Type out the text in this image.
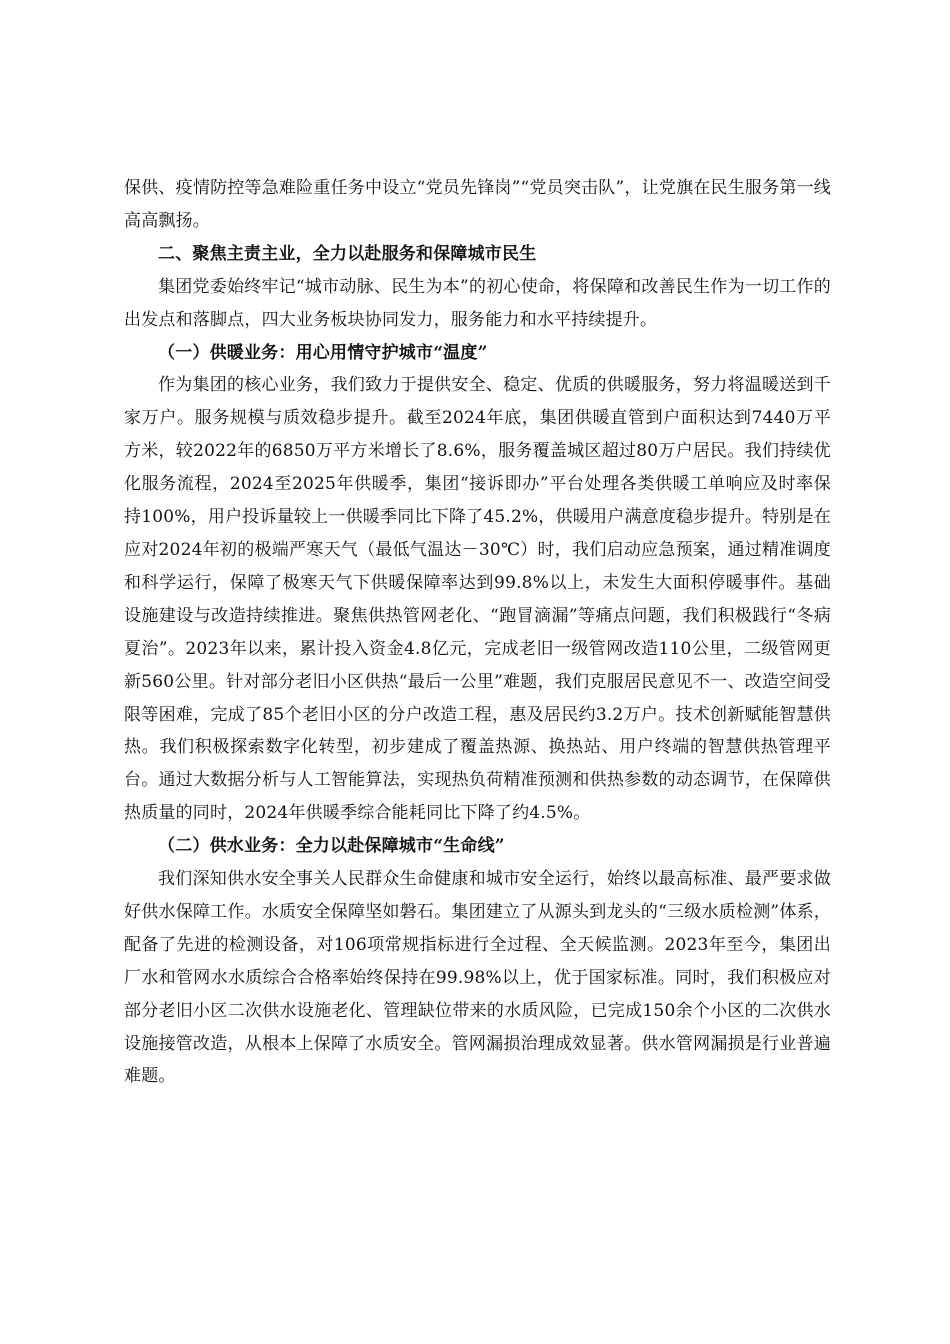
保供、疫情防控等急难险重任务中设立“党员先锋岗”“党员突击队”，让党旗在民生服务第一线高高飘扬。

二、聚焦主责主业，全力以赴服务和保障城市民生

集团党委始终牢记“城市动脉、民生为本”的初心使命，将保障和改善民生作为一切工作的出发点和落脚点，四大业务板块协同发力，服务能力和水平持续提升。

（一）供暖业务：用心用情守护城市“温度”

作为集团的核心业务，我们致力于提供安全、稳定、优质的供暖服务，努力将温暖送到千家万户。服务规模与质效稳步提升。截至2024年底，集团供暖直管到户面积达到7440万平方米，较2022年的6850万平方米增长了8.6%，服务覆盖城区超过80万户居民。我们持续优化服务流程，2024至2025年供暖季，集团“接诉即办”平台处理各类供暖工单响应及时率保持100%，用户投诉量较上一供暖季同比下降了45.2%，供暖用户满意度稳步提升。特别是在应对2024年初的极端严寒天气（最低气温达－30℃）时，我们启动应急预案，通过精准调度和科学运行，保障了极寒天气下供暖保障率达到99.8%以上，未发生大面积停暖事件。基础设施建设与改造持续推进。聚焦供热管网老化、“跑冒滴漏”等痛点问题，我们积极践行“冬病夏治”。2023年以来，累计投入资金4.8亿元，完成老旧一级管网改造110公里，二级管网更新560公里。针对部分老旧小区供热“最后一公里”难题，我们克服居民意见不一、改造空间受限等困难，完成了85个老旧小区的分户改造工程，惠及居民约3.2万户。技术创新赋能智慧供热。我们积极探索数字化转型，初步建成了覆盖热源、换热站、用户终端的智慧供热管理平台。通过大数据分析与人工智能算法，实现热负荷精准预测和供热参数的动态调节，在保障供热质量的同时，2024年供暖季综合能耗同比下降了约4.5%。

（二）供水业务：全力以赴保障城市“生命线”

我们深知供水安全事关人民群众生命健康和城市安全运行，始终以最高标准、最严要求做好供水保障工作。水质安全保障坚如磐石。集团建立了从源头到龙头的“三级水质检测”体系，配备了先进的检测设备，对106项常规指标进行全过程、全天候监测。2023年至今，集团出厂水和管网水水质综合合格率始终保持在99.98%以上，优于国家标准。同时，我们积极应对部分老旧小区二次供水设施老化、管理缺位带来的水质风险，已完成150余个小区的二次供水设施接管改造，从根本上保障了水质安全。管网漏损治理成效显著。供水管网漏损是行业普遍难题。
